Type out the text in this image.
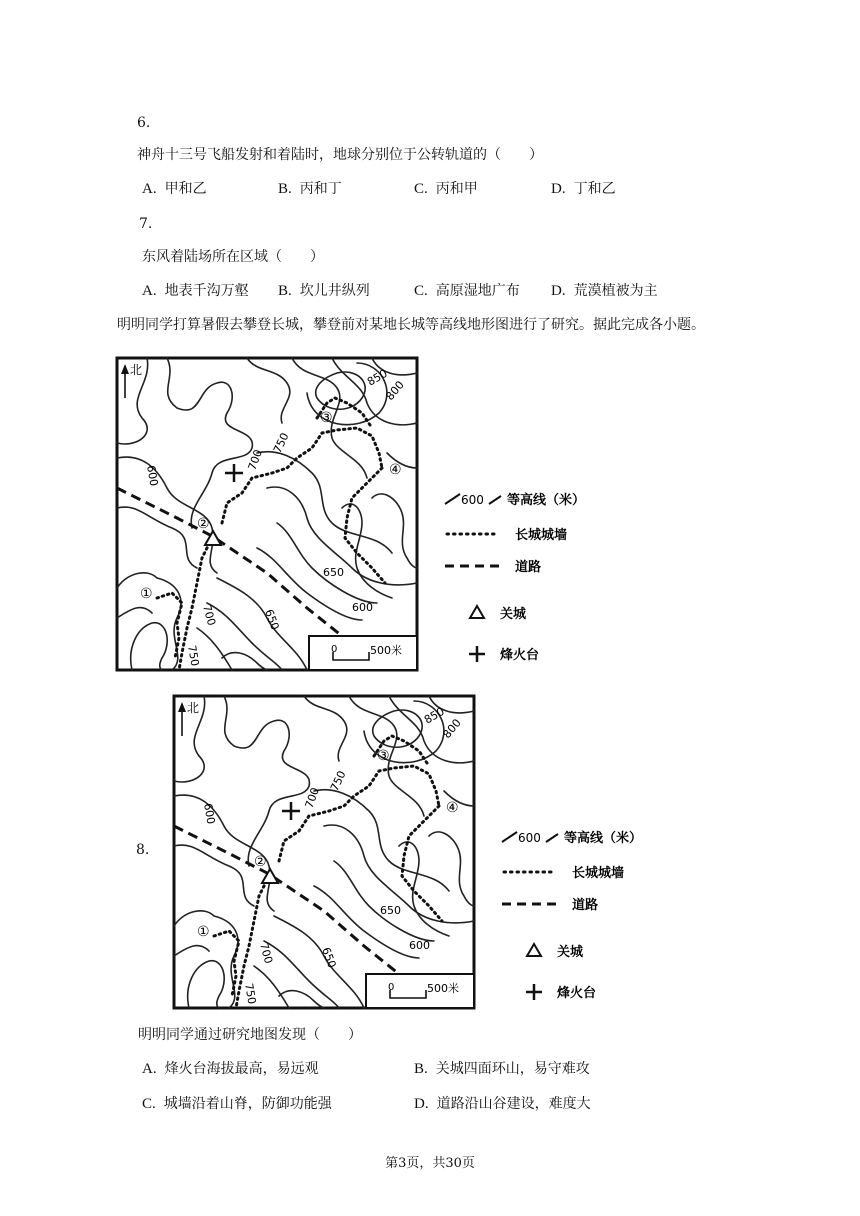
6.
神舟十三号飞船发射和着陆时，地球分别位于公转轨道的（　　）
A. 甲和乙	B. 丙和丁	C. 丙和甲	D. 丁和乙
7.
东风着陆场所在区域（　　）
A. 地表千沟万壑 B. 坎儿井纵列	C. 高原湿地广布 D. 荒漠植被为主
明明同学打算暑假去攀登长城，攀登前对某地长城等高线地形图进行了研究。据此完成各小题。
北	850
800
750
700
600
650
600
700	650
750
①
②
③
④
0	500米
600 等高线（米）
长城城墙
道路
关城
烽火台
8.
北	850
800
750
700
600
650
600
700	650
750
①
②
③
④
0	500米
600 等高线（米）
长城城墙
道路
关城
烽火台
明明同学通过研究地图发现（　　）
A. 烽火台海拔最高，易远观	B. 关城四面环山，易守难攻
C. 城墙沿着山脊，防御功能强	D. 道路沿山谷建设，难度大
第3页，共30页
